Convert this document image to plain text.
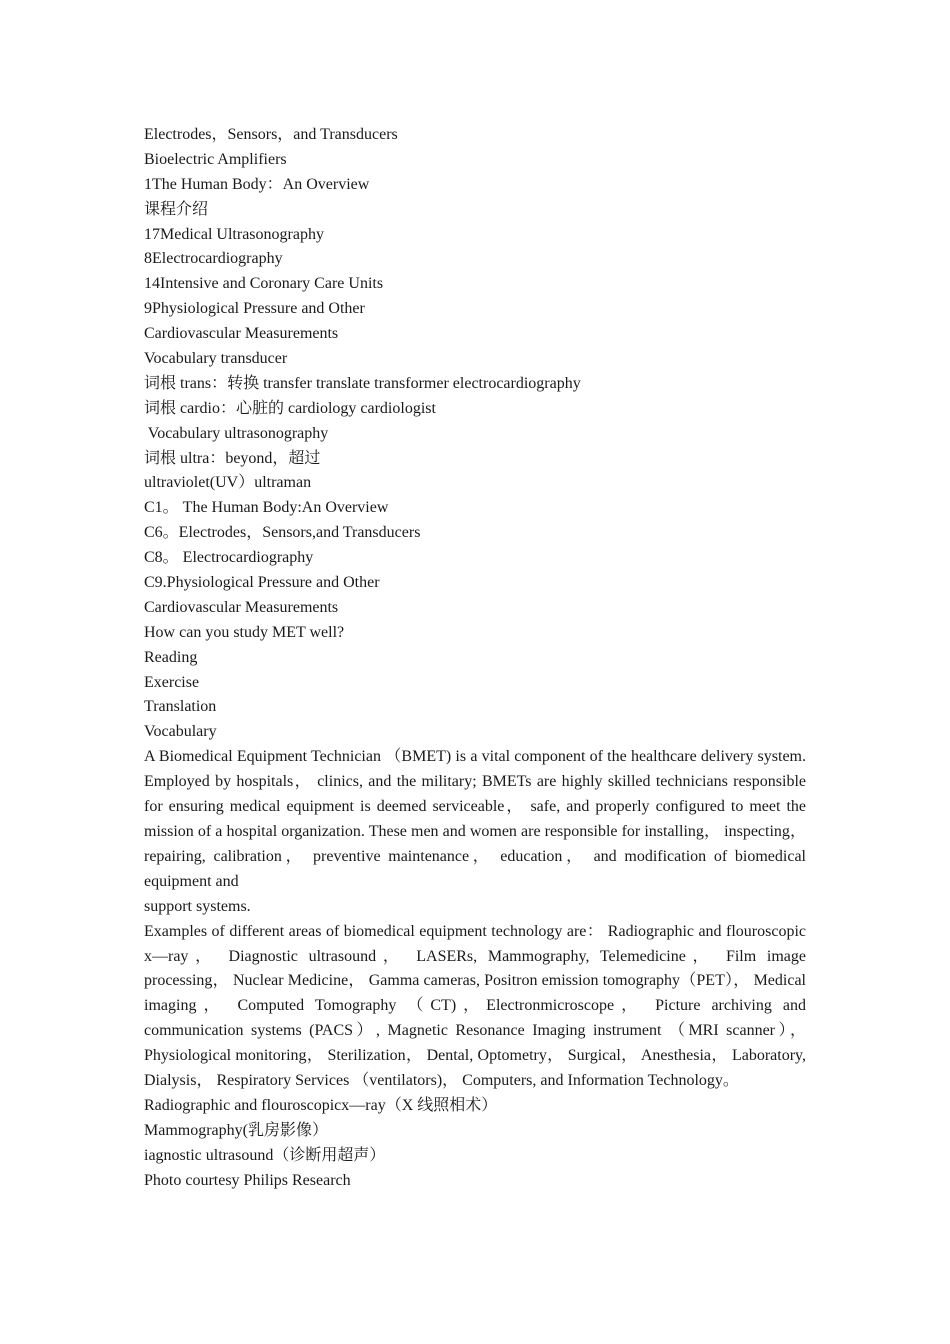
Electrodes，Sensors，and Transducers
Bioelectric Amplifiers
1The Human Body：An Overview
课程介绍
17Medical Ultrasonography
8Electrocardiography
14Intensive and Coronary Care Units
9Physiological Pressure and Other
Cardiovascular Measurements
Vocabulary transducer
词根 trans：转换 transfer translate transformer electrocardiography
词根 cardio：心脏的 cardiology cardiologist
Vocabulary ultrasonography
词根 ultra：beyond，超过
ultraviolet(UV）ultraman
C1。 The Human Body:An Overview
C6。Electrodes，Sensors,and Transducers
C8。 Electrocardiography
C9.Physiological Pressure and Other
Cardiovascular Measurements
How can you study MET well?
Reading
Exercise
Translation
Vocabulary

A Biomedical Equipment Technician （BMET) is a vital component of the healthcare delivery system. Employed by hospitals， clinics, and the military; BMETs are highly skilled technicians responsible for ensuring medical equipment is deemed serviceable， safe, and properly configured to meet the mission of a hospital organization. These men and women are responsible for installing， inspecting， repairing, calibration， preventive maintenance， education， and modification of biomedical equipment and

support systems.

Examples of different areas of biomedical equipment technology are： Radiographic and flouroscopic x—ray， Diagnostic ultrasound， LASERs, Mammography, Telemedicine， Film image processing， Nuclear Medicine， Gamma cameras, Positron emission tomography（PET）， Medical imaging， Computed Tomography （CT)，Electronmicroscope， Picture archiving and communication systems (PACS）, Magnetic Resonance Imaging instrument （MRI scanner）， Physiological monitoring， Sterilization， Dental, Optometry， Surgical， Anesthesia， Laboratory, Dialysis， Respiratory Services （ventilators)， Computers, and Information Technology。

Radiographic and flouroscopicx—ray（X 线照相术）
Mammography(乳房影像）
iagnostic ultrasound（诊断用超声）
Photo courtesy Philips Research
